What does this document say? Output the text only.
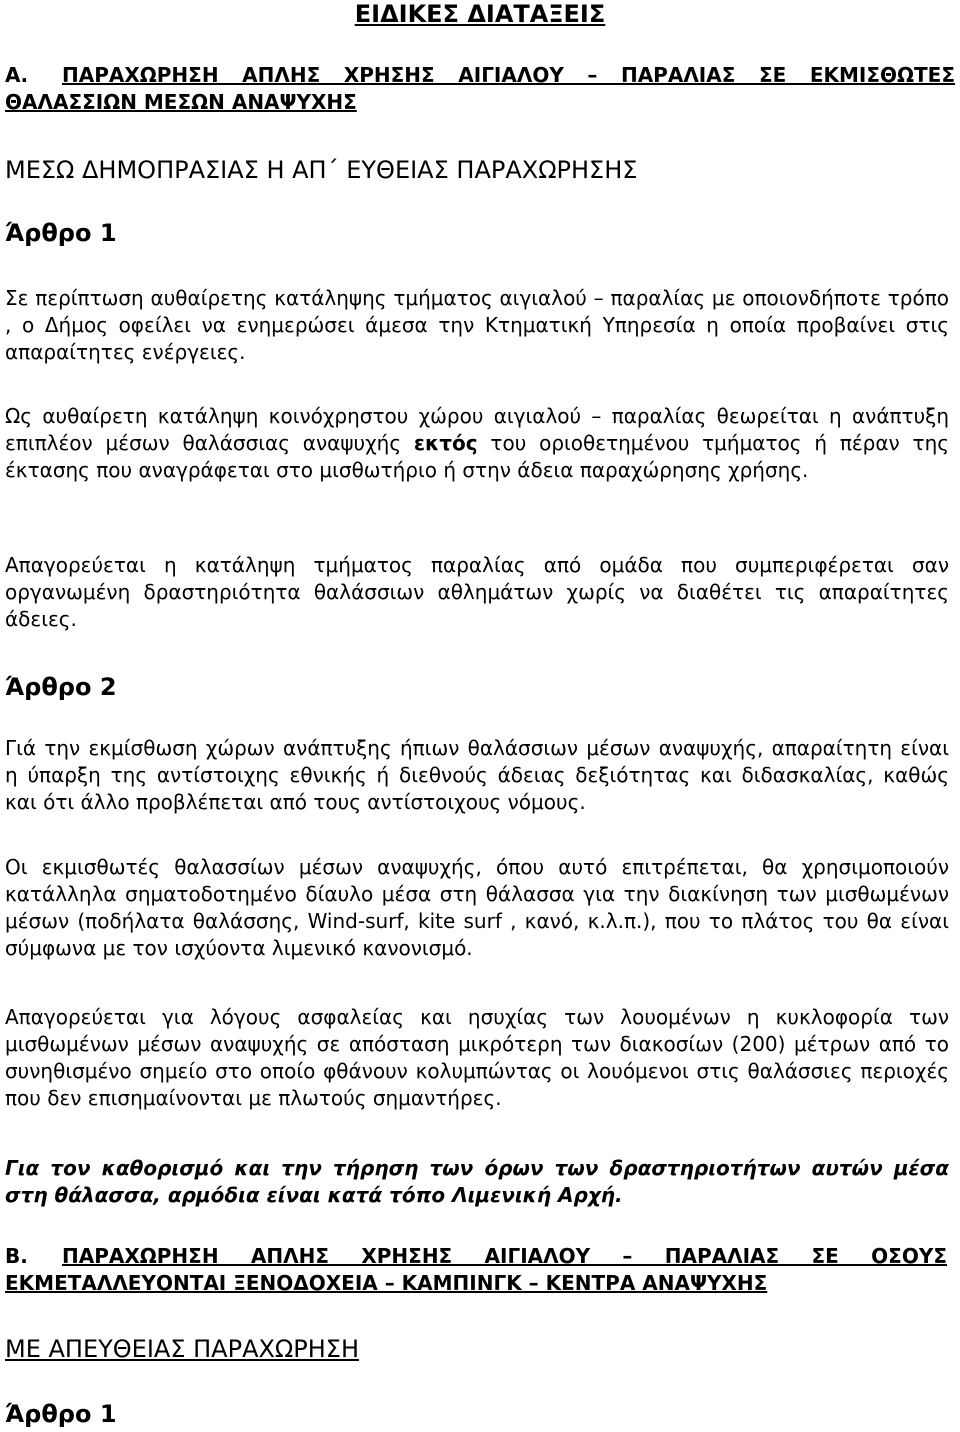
ΕΙΔΙΚΕΣ ΔΙΑΤΑΞΕΙΣ
Α. ΠΑΡΑΧΩΡΗΣΗ ΑΠΛΗΣ ΧΡΗΣΗΣ ΑΙΓΙΑΛΟΥ – ΠΑΡΑΛΙΑΣ ΣΕ ΕΚΜΙΣΘΩΤΕΣ ΘΑΛΑΣΣΙΩΝ ΜΕΣΩΝ ΑΝΑΨΥΧΗΣ
ΜΕΣΩ ΔΗΜΟΠΡΑΣΙΑΣ Η ΑΠ΄ ΕΥΘΕΙΑΣ ΠΑΡΑΧΩΡΗΣΗΣ
Άρθρο 1

Σε περίπτωση αυθαίρετης κατάληψης τμήματος αιγιαλού – παραλίας με οποιονδήποτε τρόπο , ο Δήμος οφείλει να ενημερώσει άμεσα την Κτηματική Υπηρεσία η οποία προβαίνει στις απαραίτητες ενέργειες.

Ως αυθαίρετη κατάληψη κοινόχρηστου χώρου αιγιαλού – παραλίας θεωρείται η ανάπτυξη επιπλέον μέσων θαλάσσιας αναψυχής εκτός του οριοθετημένου τμήματος ή πέραν της έκτασης που αναγράφεται στο μισθωτήριο ή στην άδεια παραχώρησης χρήσης.

Απαγορεύεται η κατάληψη τμήματος παραλίας από ομάδα που συμπεριφέρεται σαν οργανωμένη δραστηριότητα θαλάσσιων αθλημάτων χωρίς να διαθέτει τις απαραίτητες άδειες.

Άρθρο 2

Γιά την εκμίσθωση χώρων ανάπτυξης ήπιων θαλάσσιων μέσων αναψυχής, απαραίτητη είναι η ύπαρξη της αντίστοιχης εθνικής ή διεθνούς άδειας δεξιότητας και διδασκαλίας, καθώς και ότι άλλο προβλέπεται από τους αντίστοιχους νόμους.

Οι εκμισθωτές θαλασσίων μέσων αναψυχής, όπου αυτό επιτρέπεται, θα χρησιμοποιούν κατάλληλα σηματοδοτημένο δίαυλο μέσα στη θάλασσα για την διακίνηση των μισθωμένων μέσων (ποδήλατα θαλάσσης, Wind-surf, kite surf , κανό, κ.λ.π.), που το πλάτος του θα είναι σύμφωνα με τον ισχύοντα λιμενικό κανονισμό.

Απαγορεύεται για λόγους ασφαλείας και ησυχίας των λουομένων η κυκλοφορία των μισθωμένων μέσων αναψυχής σε απόσταση μικρότερη των διακοσίων (200) μέτρων από το συνηθισμένο σημείο στο οποίο φθάνουν κολυμπώντας οι λουόμενοι στις θαλάσσιες περιοχές που δεν επισημαίνονται με πλωτούς σημαντήρες.

Για τον καθορισμό και την τήρηση των όρων των δραστηριοτήτων αυτών μέσα στη θάλασσα, αρμόδια είναι κατά τόπο Λιμενική Αρχή.

Β. ΠΑΡΑΧΩΡΗΣΗ ΑΠΛΗΣ ΧΡΗΣΗΣ ΑΙΓΙΑΛΟΥ – ΠΑΡΑΛΙΑΣ ΣΕ ΟΣΟΥΣ ΕΚΜΕΤΑΛΛΕΥΟΝΤΑΙ ΞΕΝΟΔΟΧΕΙΑ – ΚΑΜΠΙΝΓΚ – ΚΕΝΤΡΑ ΑΝΑΨΥΧΗΣ
ΜΕ ΑΠΕΥΘΕΙΑΣ ΠΑΡΑΧΩΡΗΣΗ
Άρθρο 1
